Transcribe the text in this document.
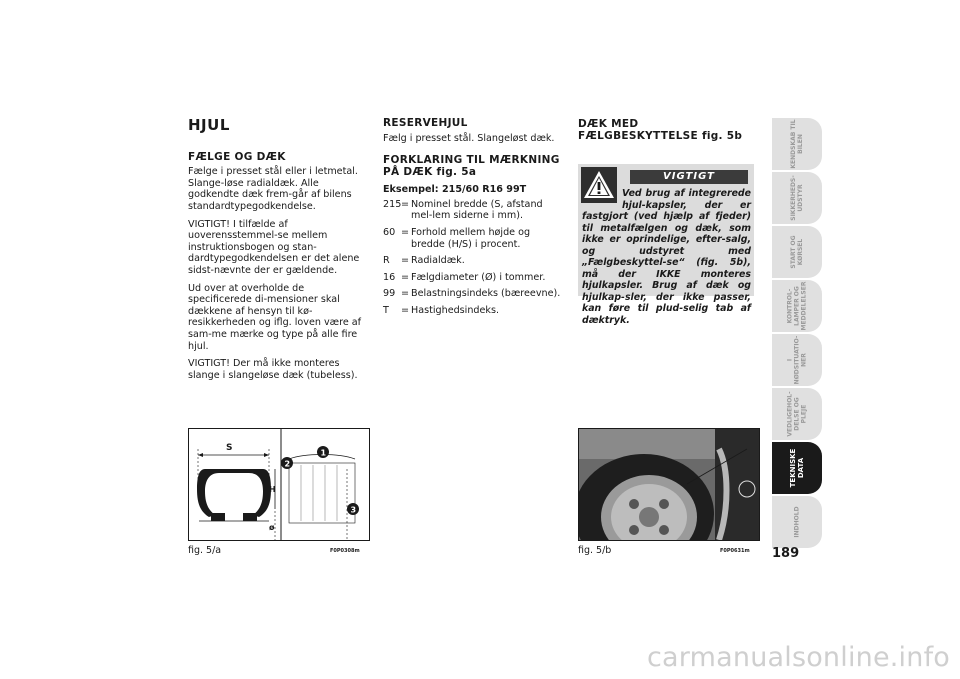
HJUL
FÆLGE OG DÆK

Fælge i presset stål eller i letmetal. Slange-løse radialdæk. Alle godkendte dæk frem-går af bilens standardtypegodkendelse.

VIGTIGT! I tilfælde af uoverensstemmel-se mellem instruktionsbogen og stan-dardtypegodkendelsen er det alene sidst-nævnte der er gældende.

Ud over at overholde de specificerede di-mensioner skal dækkene af hensyn til kø-resikkerheden og iflg. loven være af sam-me mærke og type på alle fire hjul.

VIGTIGT! Der må ikke monteres slange i slangeløse dæk (tubeless).

RESERVEHJUL

Fælg i presset stål. Slangeløst dæk.

FORKLARING TIL MÆRKNING PÅ DÆK fig. 5a

Eksempel: 215/60 R16 99T

215 = Nominel bredde (S, afstand mel-lem siderne i mm).
60 = Forhold mellem højde og bredde (H/S) i procent.
R	= Radialdæk.
16 = Fælgdiameter (Ø) i tommer.
99 = Belastningsindeks (bæreevne).
T	= Hastighedsindeks.
DÆK MED FÆLGBESKYTTELSE fig. 5b
VIGTIGT
Ved brug af integrerede hjul-kapsler, der er fastgjort (ved hjælp af fjeder) til metalfælgen og dæk, som ikke er oprindelige, efter-salg, og udstyret med „Fælgbeskyttel-se“ (fig. 5b), må der IKKE monteres hjulkapsler. Brug af dæk og hjulkap-sler, der ikke passer, kan føre til plud-selig tab af dæktryk.
S
H
ø
1
2
3
fig. 5/a	F0P0308m	fig. 5/b	F0P0631m
KENDSKAB TIL BILEN
SIKKERHEDS-UDSTYR
START OG KØRSEL
KONTROL-LAMPER OG MEDDELELSER
I NØDSITUATIO-NER
VEDLIGEHOL-DELSE OG PLEJE
TEKNISKE DATA
INDHOLD
189
carmanualsonline.info
